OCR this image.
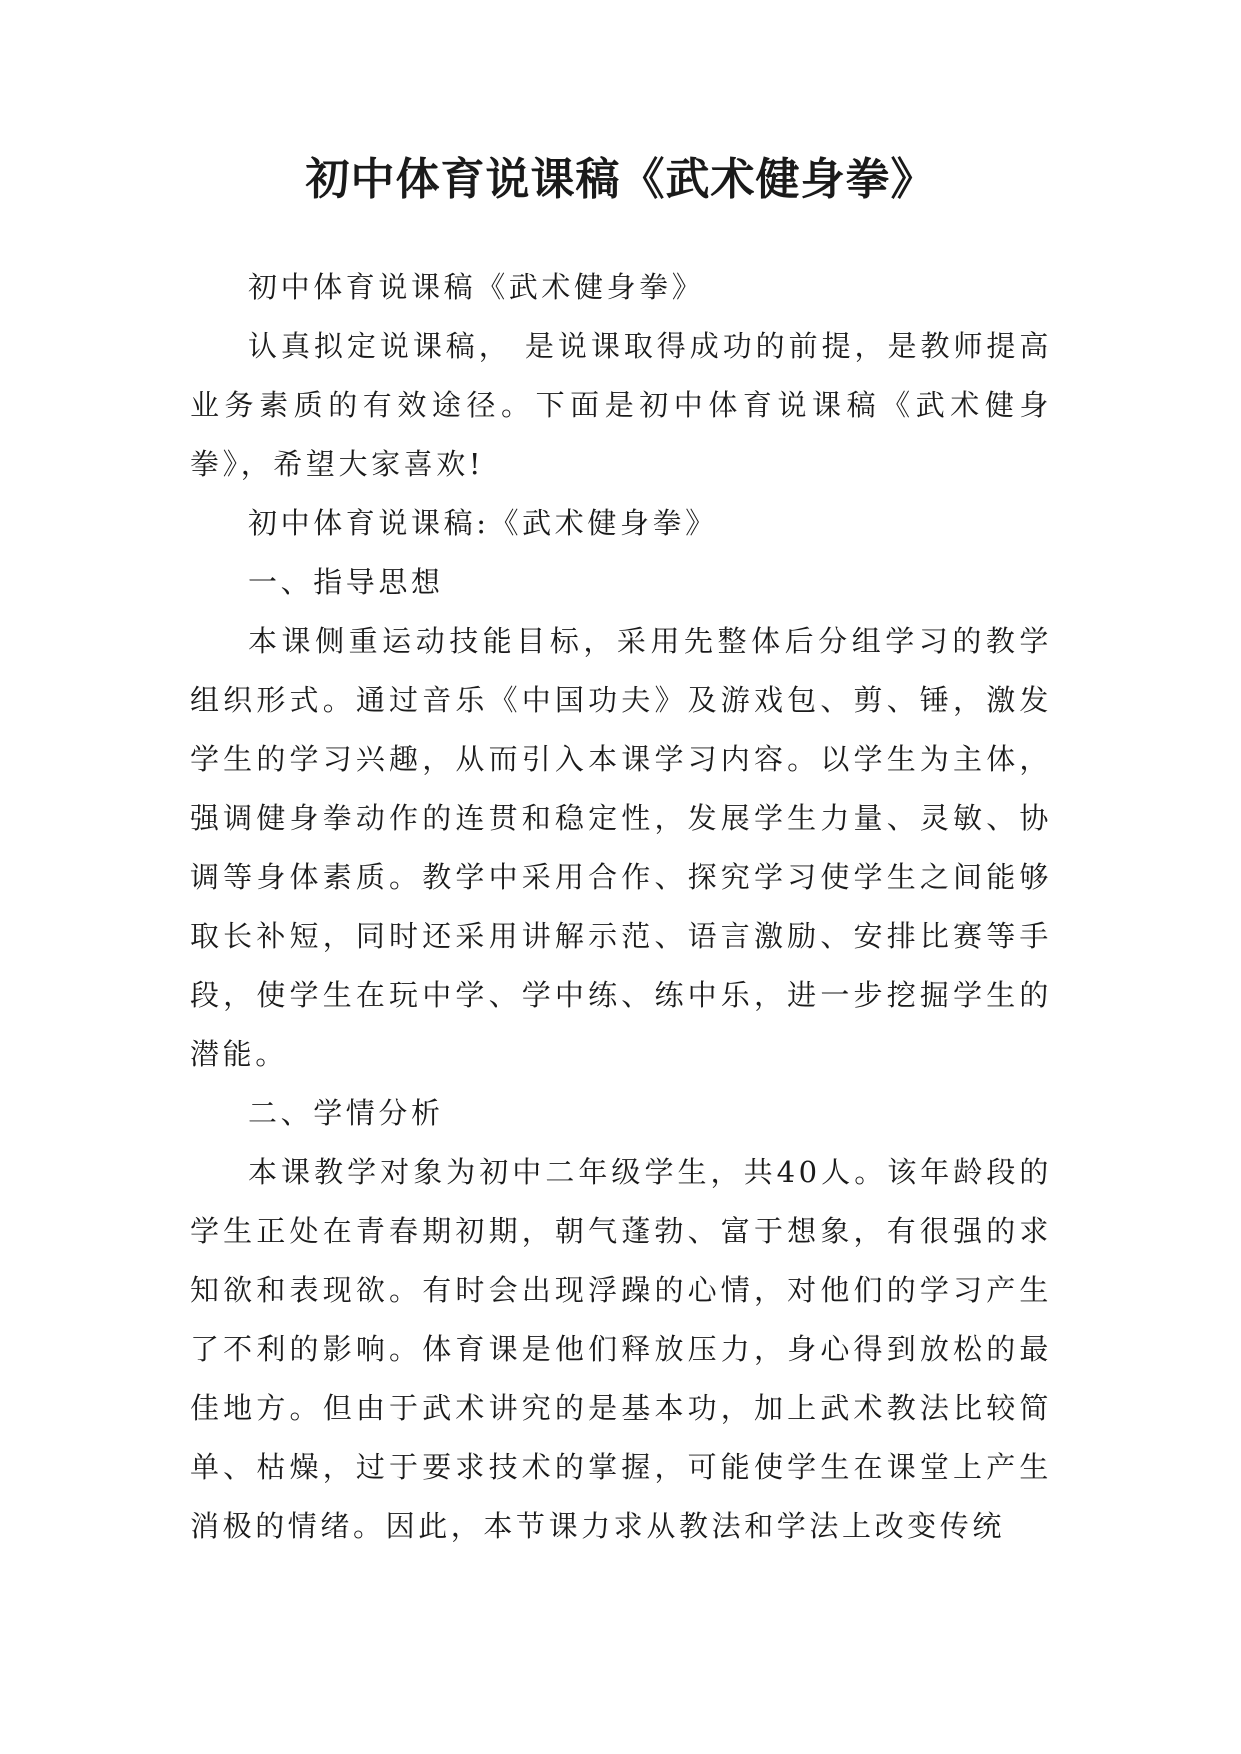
初中体育说课稿《武术健身拳》

初中体育说课稿《武术健身拳》

认真拟定说课稿， 是说课取得成功的前提，是教师提高业务素质的有效途径。下面是初中体育说课稿《武术健身拳》，希望大家喜欢!

初中体育说课稿:《武术健身拳》

一、指导思想

本课侧重运动技能目标，采用先整体后分组学习的教学组织形式。通过音乐《中国功夫》及游戏包、剪、锤，激发学生的学习兴趣，从而引入本课学习内容。以学生为主体，强调健身拳动作的连贯和稳定性，发展学生力量、灵敏、协调等身体素质。教学中采用合作、探究学习使学生之间能够取长补短，同时还采用讲解示范、语言激励、安排比赛等手段，使学生在玩中学、学中练、练中乐，进一步挖掘学生的潜能。

二、学情分析

本课教学对象为初中二年级学生，共40人。该年龄段的学生正处在青春期初期，朝气蓬勃、富于想象，有很强的求知欲和表现欲。有时会出现浮躁的心情，对他们的学习产生了不利的影响。体育课是他们释放压力，身心得到放松的最佳地方。但由于武术讲究的是基本功，加上武术教法比较简单、枯燥，过于要求技术的掌握，可能使学生在课堂上产生消极的情绪。因此，本节课力求从教法和学法上改变传统
